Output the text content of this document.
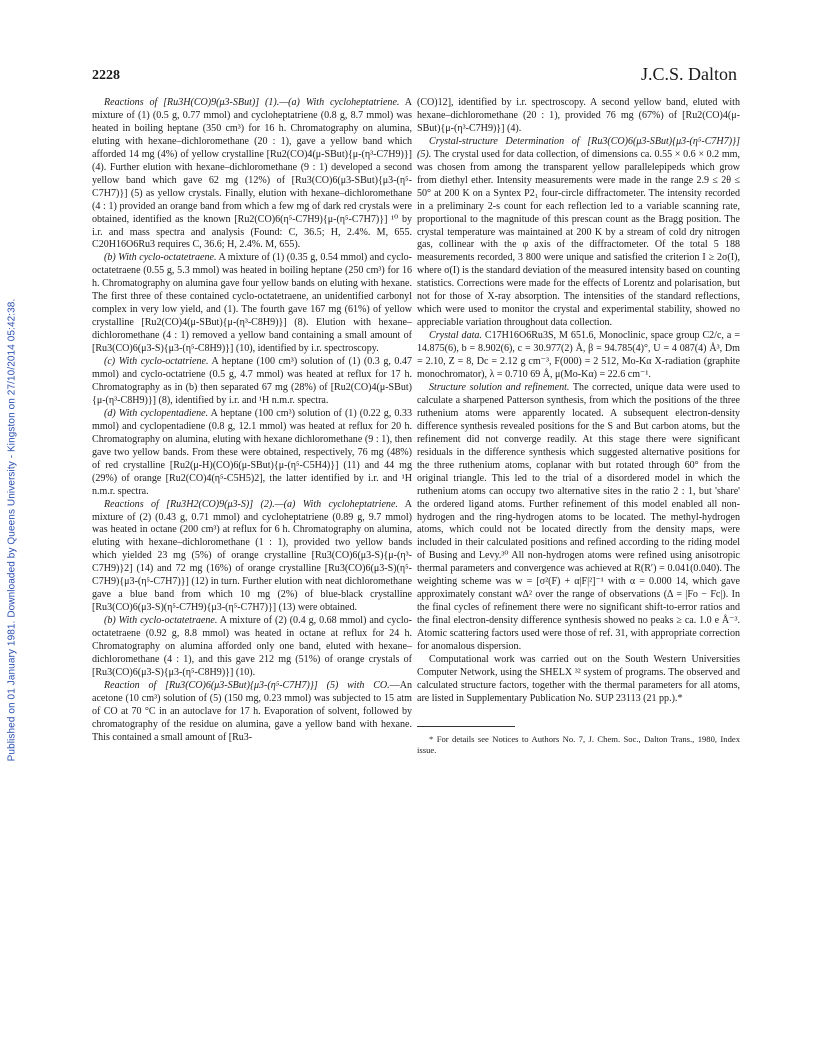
Published on 01 January 1981. Downloaded by Queens University - Kingston on 27/10/2014 05:42:38.
2228	J.C.S. Dalton

Reactions of [Ru3H(CO)9(μ3-SBut)] (1).—(a) With cycloheptatriene. A mixture of (1) (0.5 g, 0.77 mmol) and cycloheptatriene (0.8 g, 8.7 mmol) was heated in boiling heptane (350 cm³) for 16 h. Chromatography on alumina, eluting with hexane–dichloromethane (20 : 1), gave a yellow band which afforded 14 mg (4%) of yellow crystalline [Ru2(CO)4(μ-SBut){μ-(η³-C7H9)}] (4). Further elution with hexane–dichloromethane (9 : 1) developed a second yellow band which gave 62 mg (12%) of [Ru3(CO)6(μ3-SBut){μ3-(η⁵-C7H7)}] (5) as yellow crystals. Finally, elution with hexane–dichloromethane (4 : 1) provided an orange band from which a few mg of dark red crystals were obtained, identified as the known [Ru2(CO)6(η⁵-C7H9){μ-(η⁵-C7H7)}] ¹⁰ by i.r. and mass spectra and analysis (Found: C, 36.5; H, 2.4%. M, 655. C20H16O6Ru3 requires C, 36.6; H, 2.4%. M, 655).

(b) With cyclo-octatetraene. A mixture of (1) (0.35 g, 0.54 mmol) and cyclo-octatetraene (0.55 g, 5.3 mmol) was heated in boiling heptane (250 cm³) for 16 h. Chromatography on alumina gave four yellow bands on eluting with hexane. The first three of these contained cyclo-octatetraene, an unidentified carbonyl complex in very low yield, and (1). The fourth gave 167 mg (61%) of yellow crystalline [Ru2(CO)4(μ-SBut){μ-(η³-C8H9)}] (8). Elution with hexane–dichloromethane (4 : 1) removed a yellow band containing a small amount of [Ru3(CO)6(μ3-S){μ3-(η⁵-C8H9)}] (10), identified by i.r. spectroscopy.

(c) With cyclo-octatriene. A heptane (100 cm³) solution of (1) (0.3 g, 0.47 mmol) and cyclo-octatriene (0.5 g, 4.7 mmol) was heated at reflux for 17 h. Chromatography as in (b) then separated 67 mg (28%) of [Ru2(CO)4(μ-SBut){μ-(η³-C8H9)}] (8), identified by i.r. and ¹H n.m.r. spectra.

(d) With cyclopentadiene. A heptane (100 cm³) solution of (1) (0.22 g, 0.33 mmol) and cyclopentadiene (0.8 g, 12.1 mmol) was heated at reflux for 20 h. Chromatography on alumina, eluting with hexane dichloromethane (9 : 1), then gave two yellow bands. From these were obtained, respectively, 76 mg (48%) of red crystalline [Ru2(μ-H)(CO)6(μ-SBut){μ-(η⁵-C5H4)}] (11) and 44 mg (29%) of orange [Ru2(CO)4(η⁵-C5H5)2], the latter identified by i.r. and ¹H n.m.r. spectra.

Reactions of [Ru3H2(CO)9(μ3-S)] (2).—(a) With cycloheptatriene. A mixture of (2) (0.43 g, 0.71 mmol) and cycloheptatriene (0.89 g, 9.7 mmol) was heated in octane (200 cm³) at reflux for 6 h. Chromatography on alumina, eluting with hexane–dichloromethane (1 : 1), provided two yellow bands which yielded 23 mg (5%) of orange crystalline [Ru3(CO)6(μ3-S){μ-(η³-C7H9)}2] (14) and 72 mg (16%) of orange crystalline [Ru3(CO)6(μ3-S)(η⁵-C7H9){μ3-(η⁵-C7H7)}] (12) in turn. Further elution with neat dichloromethane gave a blue band from which 10 mg (2%) of blue-black crystalline [Ru3(CO)6(μ3-S)(η⁵-C7H9){μ3-(η⁵-C7H7)}] (13) were obtained.

(b) With cyclo-octatetraene. A mixture of (2) (0.4 g, 0.68 mmol) and cyclo-octatetraene (0.92 g, 8.8 mmol) was heated in octane at reflux for 24 h. Chromatography on alumina afforded only one band, eluted with hexane–dichloromethane (4 : 1), and this gave 212 mg (51%) of orange crystals of [Ru3(CO)6(μ3-S){μ3-(η⁵-C8H9)}] (10).

Reaction of [Ru3(CO)6(μ3-SBut){μ3-(η⁵-C7H7)}] (5) with CO.—An acetone (10 cm³) solution of (5) (150 mg, 0.23 mmol) was subjected to 15 atm of CO at 70 °C in an autoclave for 17 h. Evaporation of solvent, followed by chromatography of the residue on alumina, gave a yellow band with hexane. This contained a small amount of [Ru3-

(CO)12], identified by i.r. spectroscopy. A second yellow band, eluted with hexane–dichloromethane (20 : 1), provided 76 mg (67%) of [Ru2(CO)4(μ-SBut){μ-(η³-C7H9)}] (4).

Crystal-structure Determination of [Ru3(CO)6(μ3-SBut){μ3-(η⁵-C7H7)}] (5). The crystal used for data collection, of dimensions ca. 0.55 × 0.6 × 0.2 mm, was chosen from among the transparent yellow parallelepipeds which grow from diethyl ether. Intensity measurements were made in the range 2.9 ≤ 2θ ≤ 50° at 200 K on a Syntex P2₁ four-circle diffractometer. The intensity recorded in a preliminary 2-s count for each reflection led to a variable scanning rate, proportional to the magnitude of this prescan count as the Bragg position. The crystal temperature was maintained at 200 K by a stream of cold dry nitrogen gas, collinear with the φ axis of the diffractometer. Of the total 5 188 measurements recorded, 3 800 were unique and satisfied the criterion I ≥ 2σ(I), where σ(I) is the standard deviation of the measured intensity based on counting statistics. Corrections were made for the effects of Lorentz and polarisation, but not for those of X-ray absorption. The intensities of the standard reflections, which were used to monitor the crystal and experimental stability, showed no appreciable variation throughout data collection.

Crystal data. C17H16O6Ru3S, M 651.6, Monoclinic, space group C2/c, a = 14.875(6), b = 8.902(6), c = 30.977(2) Å, β = 94.785(4)°, U = 4 087(4) Å³, Dm = 2.10, Z = 8, Dc = 2.12 g cm⁻³, F(000) = 2 512, Mo-Kα X-radiation (graphite monochromator), λ = 0.710 69 Å, μ(Mo-Kα) = 22.6 cm⁻¹.

Structure solution and refinement. The corrected, unique data were used to calculate a sharpened Patterson synthesis, from which the positions of the three ruthenium atoms were apparently located. A subsequent electron-density difference synthesis revealed positions for the S and But carbon atoms, but the refinement did not converge readily. At this stage there were significant residuals in the difference synthesis which suggested alternative positions for the three ruthenium atoms, coplanar with but rotated through 60° from the original triangle. This led to the trial of a disordered model in which the ruthenium atoms can occupy two alternative sites in the ratio 2 : 1, but 'share' the ordered ligand atoms. Further refinement of this model enabled all non-hydrogen and the ring-hydrogen atoms to be located. The methyl-hydrogen atoms, which could not be located directly from the density maps, were included in their calculated positions and refined according to the riding model of Busing and Levy.³⁰ All non-hydrogen atoms were refined using anisotropic thermal parameters and convergence was achieved at R(R′) = 0.041(0.040). The weighting scheme was w = [σ²(F) + α|F|²]⁻¹ with α = 0.000 14, which gave approximately constant wΔ² over the range of observations (Δ = |Fo − Fc|). In the final cycles of refinement there were no significant shift-to-error ratios and the final electron-density difference synthesis showed no peaks ≥ ca. 1.0 e Å⁻³. Atomic scattering factors used were those of ref. 31, with appropriate correction for anomalous dispersion.

Computational work was carried out on the South Western Universities Computer Network, using the SHELX ³² system of programs. The observed and calculated structure factors, together with the thermal parameters for all atoms, are listed in Supplementary Publication No. SUP 23113 (21 pp.).*

* For details see Notices to Authors No. 7, J. Chem. Soc., Dalton Trans., 1980, Index issue.
